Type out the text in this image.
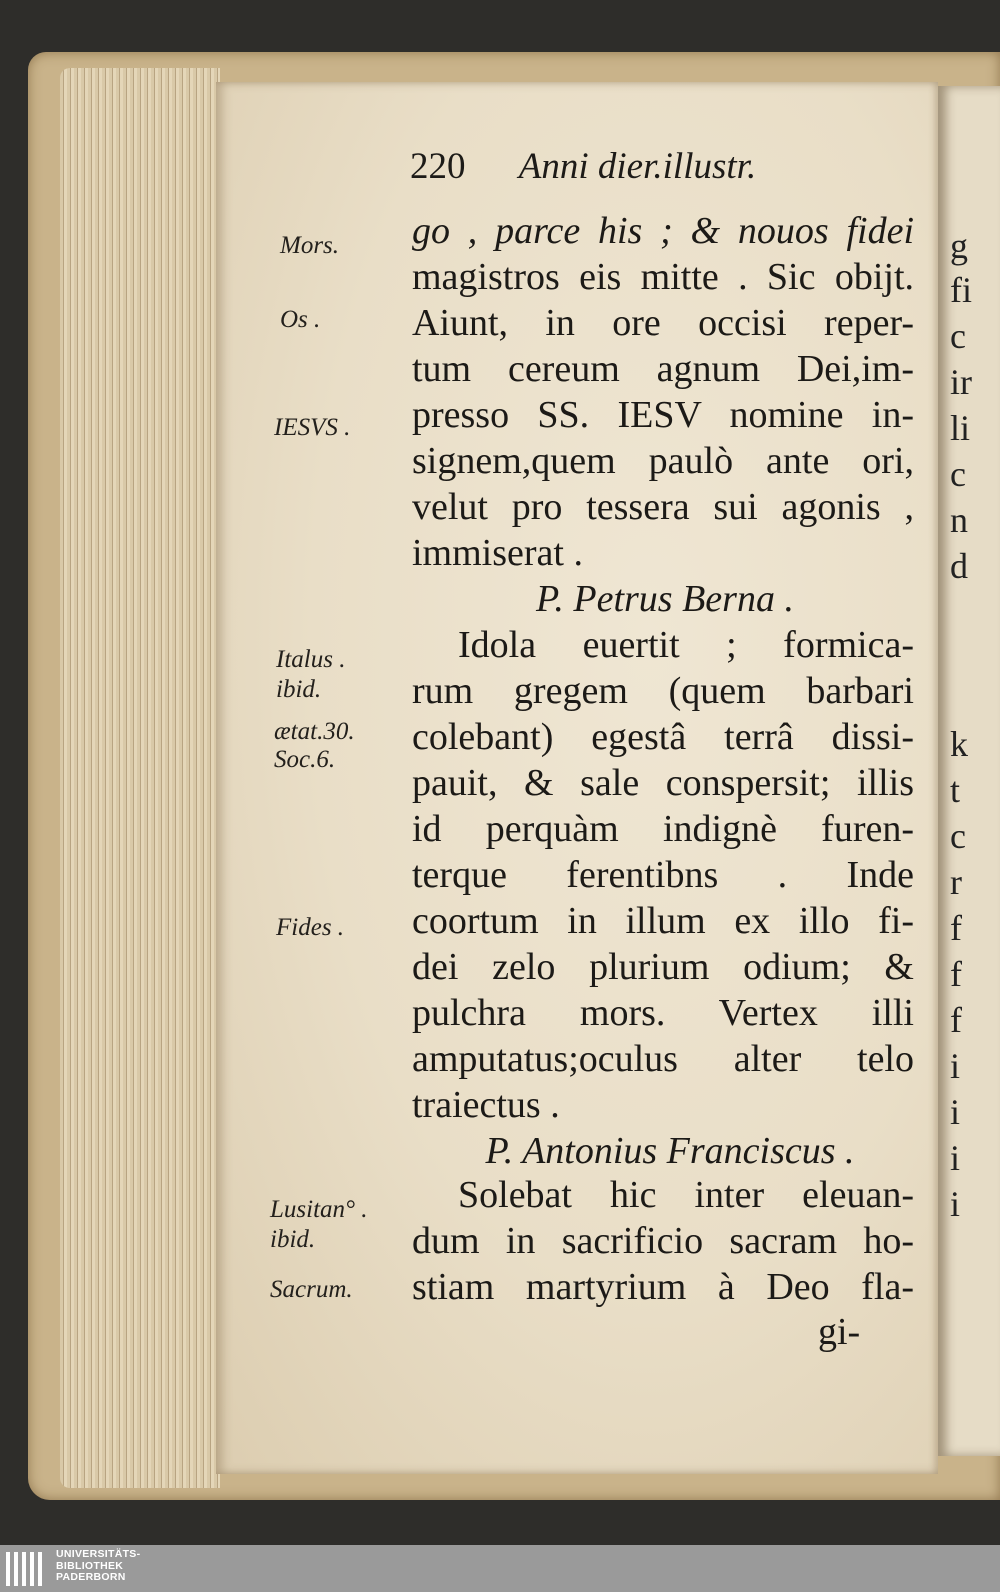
g
fi
c
ir
li
c
n
d
k
t
c
r
f
f
f
i
i
i
i
220 Anni dier.illustr.
go , parce his ; & nouos fidei
magistros eis mitte . Sic obijt.
Aiunt, in ore occisi reper-
tum cereum agnum Dei,im-
presso SS. IESV nomine in-
signem,quem paulò ante ori,
velut pro tessera sui agonis ,
immiserat .
P. Petrus Berna .
Idola euertit ; formica-
rum gregem (quem barbari
colebant) egestâ terrâ dissi-
pauit, & sale conspersit; illis
id perquàm indignè furen-
terque ferentibns . Inde
coortum in illum ex illo fi-
dei zelo plurium odium; &
pulchra mors. Vertex illi
amputatus;oculus alter telo
traiectus .
P. Antonius Franciscus .
Solebat hic inter eleuan-
dum in sacrificio sacram ho-
stiam martyrium à Deo fla-
gi-
Mors.
Os .
IESVS .
Italus .
ibid.
ætat.30.
Soc.6.
Fides .
Lusitan° .
ibid.
Sacrum.
UNIVERSITÄTS-
BIBLIOTHEK
PADERBORN
